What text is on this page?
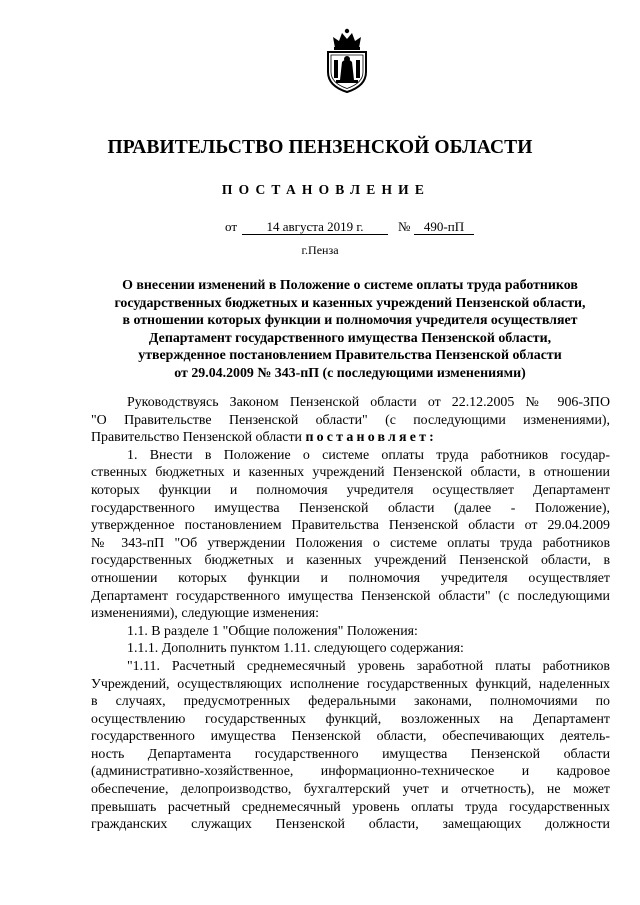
ПРАВИТЕЛЬСТВО ПЕНЗЕНСКОЙ ОБЛАСТИ
ПОСТАНОВЛЕНИЕ
от	14 августа 2019 г.	№	490-пП
г.Пенза
О внесении изменений в Положение о системе оплаты труда работников
государственных бюджетных и казенных учреждений Пензенской области,
в отношении которых функции и полномочия учредителя осуществляет
Департамент государственного имущества Пензенской области,
утвержденное постановлением Правительства Пензенской области
от 29.04.2009 № 343-пП (с последующими изменениями)
Руководствуясь Законом Пензенской области от 22.12.2005 № 906-ЗПО
"О Правительстве Пензенской области" (с последующими изменениями),
Правительство Пензенской области постановляет:
1. Внести в Положение о системе оплаты труда работников государ-
ственных бюджетных и казенных учреждений Пензенской области, в отношении
которых функции и полномочия учредителя осуществляет Департамент
государственного имущества Пензенской области (далее - Положение),
утвержденное постановлением Правительства Пензенской области от 29.04.2009
№ 343-пП "Об утверждении Положения о системе оплаты труда работников
государственных бюджетных и казенных учреждений Пензенской области, в
отношении которых функции и полномочия учредителя осуществляет
Департамент государственного имущества Пензенской области" (с последующими
изменениями), следующие изменения:
1.1. В разделе 1 "Общие положения" Положения:
1.1.1. Дополнить пунктом 1.11. следующего содержания:
"1.11. Расчетный среднемесячный уровень заработной платы работников
Учреждений, осуществляющих исполнение государственных функций, наделенных
в случаях, предусмотренных федеральными законами, полномочиями по
осуществлению государственных функций, возложенных на Департамент
государственного имущества Пензенской области, обеспечивающих деятель-
ность Департамента государственного имущества Пензенской области
(административно-хозяйственное, информационно-техническое и кадровое
обеспечение, делопроизводство, бухгалтерский учет и отчетность), не может
превышать расчетный среднемесячный уровень оплаты труда государственных
гражданских служащих Пензенской области, замещающих должности
